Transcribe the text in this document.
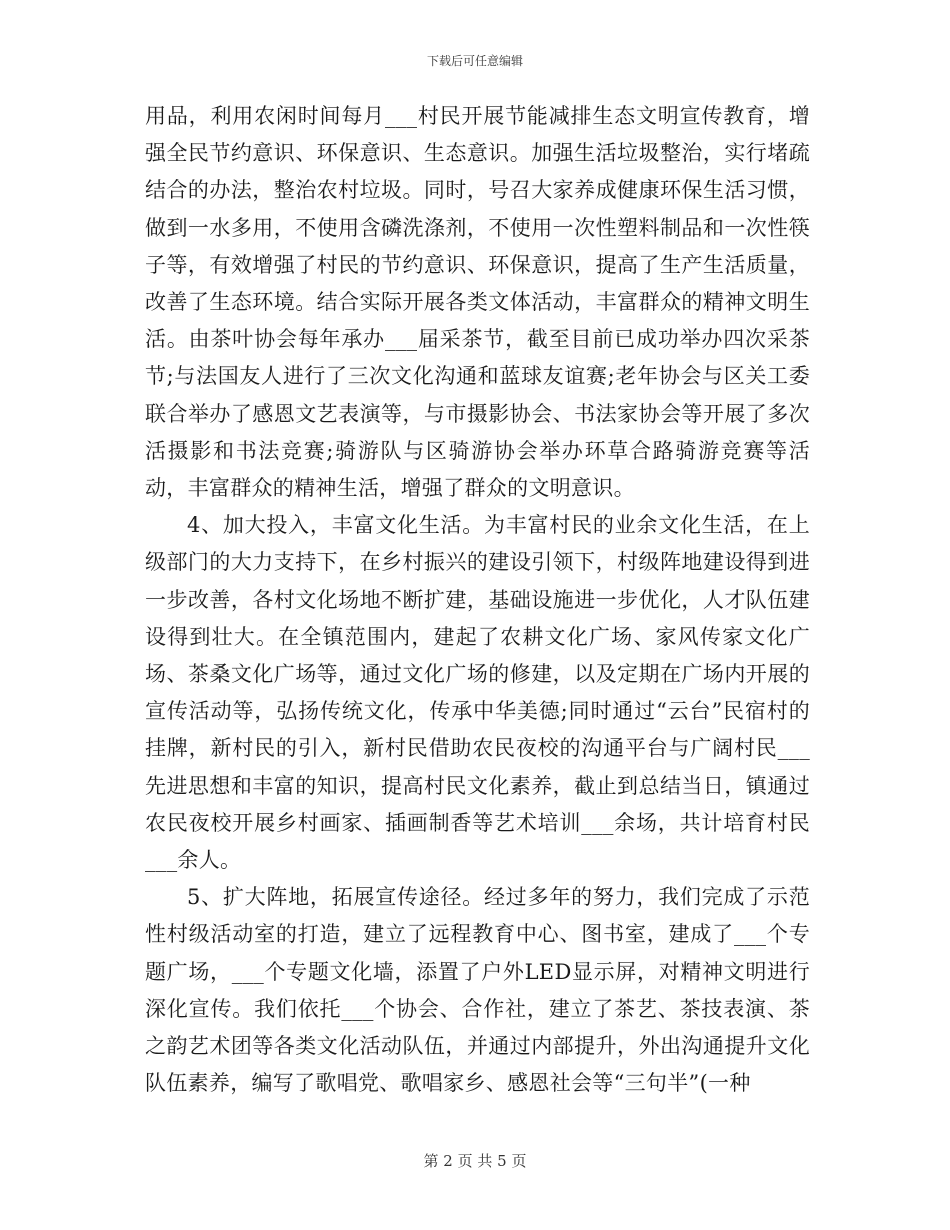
下载后可任意编辑

用品，利用农闲时间每月___村民开展节能减排生态文明宣传教育，增强全民节约意识、环保意识、生态意识。加强生活垃圾整治，实行堵疏结合的办法，整治农村垃圾。同时，号召大家养成健康环保生活习惯，做到一水多用，不使用含磷洗涤剂，不使用一次性塑料制品和一次性筷子等，有效增强了村民的节约意识、环保意识，提高了生产生活质量，改善了生态环境。结合实际开展各类文体活动，丰富群众的精神文明生活。由茶叶协会每年承办___届采茶节，截至目前已成功举办四次采茶节;与法国友人进行了三次文化沟通和蓝球友谊赛;老年协会与区关工委联合举办了感恩文艺表演等，与市摄影协会、书法家协会等开展了多次活摄影和书法竞赛;骑游队与区骑游协会举办环草合路骑游竞赛等活动，丰富群众的精神生活，增强了群众的文明意识。

4、加大投入，丰富文化生活。为丰富村民的业余文化生活，在上级部门的大力支持下，在乡村振兴的建设引领下，村级阵地建设得到进一步改善，各村文化场地不断扩建，基础设施进一步优化，人才队伍建设得到壮大。在全镇范围内，建起了农耕文化广场、家风传家文化广场、茶桑文化广场等，通过文化广场的修建，以及定期在广场内开展的宣传活动等，弘扬传统文化，传承中华美德;同时通过“云台”民宿村的挂牌，新村民的引入，新村民借助农民夜校的沟通平台与广阔村民___先进思想和丰富的知识，提高村民文化素养，截止到总结当日，镇通过农民夜校开展乡村画家、插画制香等艺术培训___余场，共计培育村民___余人。

5、扩大阵地，拓展宣传途径。经过多年的努力，我们完成了示范性村级活动室的打造，建立了远程教育中心、图书室，建成了___个专题广场，___个专题文化墙，添置了户外LED显示屏，对精神文明进行深化宣传。我们依托___个协会、合作社，建立了茶艺、茶技表演、茶之韵艺术团等各类文化活动队伍，并通过内部提升，外出沟通提升文化队伍素养，编写了歌唱党、歌唱家乡、感恩社会等“三句半”(一种

第 2 页 共 5 页
